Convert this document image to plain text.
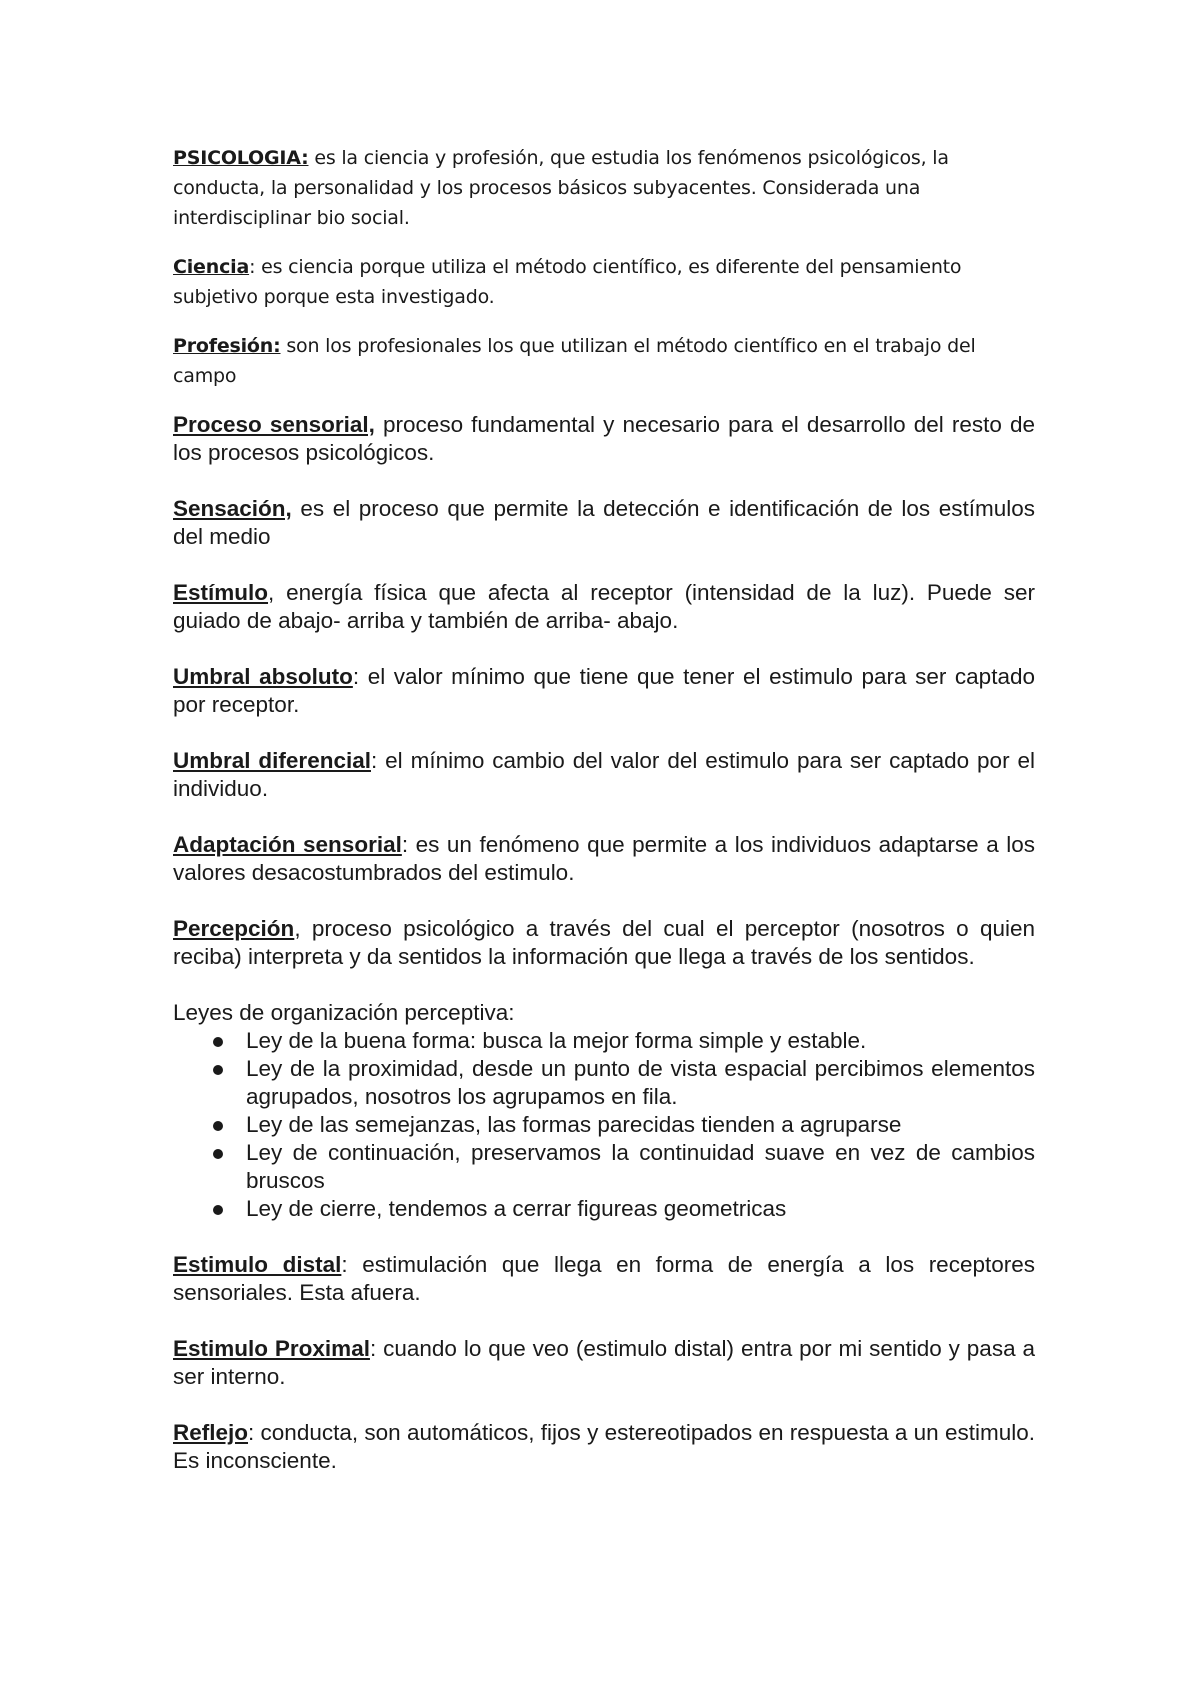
PSICOLOGIA: es la ciencia y profesión, que estudia los fenómenos psicológicos, la conducta, la personalidad y los procesos básicos subyacentes. Considerada una interdisciplinar bio social.

Ciencia: es ciencia porque utiliza el método científico, es diferente del pensamiento subjetivo porque esta investigado.

Profesión: son los profesionales los que utilizan el método científico en el trabajo del campo

Proceso sensorial, proceso fundamental y necesario para el desarrollo del resto de los procesos psicológicos.

Sensación, es el proceso que permite la detección e identificación de los estímulos del medio

Estímulo, energía física que afecta al receptor (intensidad de la luz). Puede ser guiado de abajo- arriba y también de arriba- abajo.

Umbral absoluto: el valor mínimo que tiene que tener el estimulo para ser captado por receptor.

Umbral diferencial: el mínimo cambio del valor del estimulo para ser captado por el individuo.

Adaptación sensorial: es un fenómeno que permite a los individuos adaptarse a los valores desacostumbrados del estimulo.

Percepción, proceso psicológico a través del cual el perceptor (nosotros o quien reciba) interpreta y da sentidos la información que llega a través de los sentidos.

Leyes de organización perceptiva:

Ley de la buena forma: busca la mejor forma simple y estable.
Ley de la proximidad, desde un punto de vista espacial percibimos elementos agrupados, nosotros los agrupamos en fila.
Ley de las semejanzas, las formas parecidas tienden a agruparse
Ley de continuación, preservamos la continuidad suave en vez de cambios bruscos
Ley de cierre, tendemos a cerrar figureas geometricas

Estimulo distal: estimulación que llega en forma de energía a los receptores sensoriales. Esta afuera.

Estimulo Proximal: cuando lo que veo (estimulo distal) entra por mi sentido y pasa a ser interno.

Reflejo: conducta, son automáticos, fijos y estereotipados en respuesta a un estimulo. Es inconsciente.
